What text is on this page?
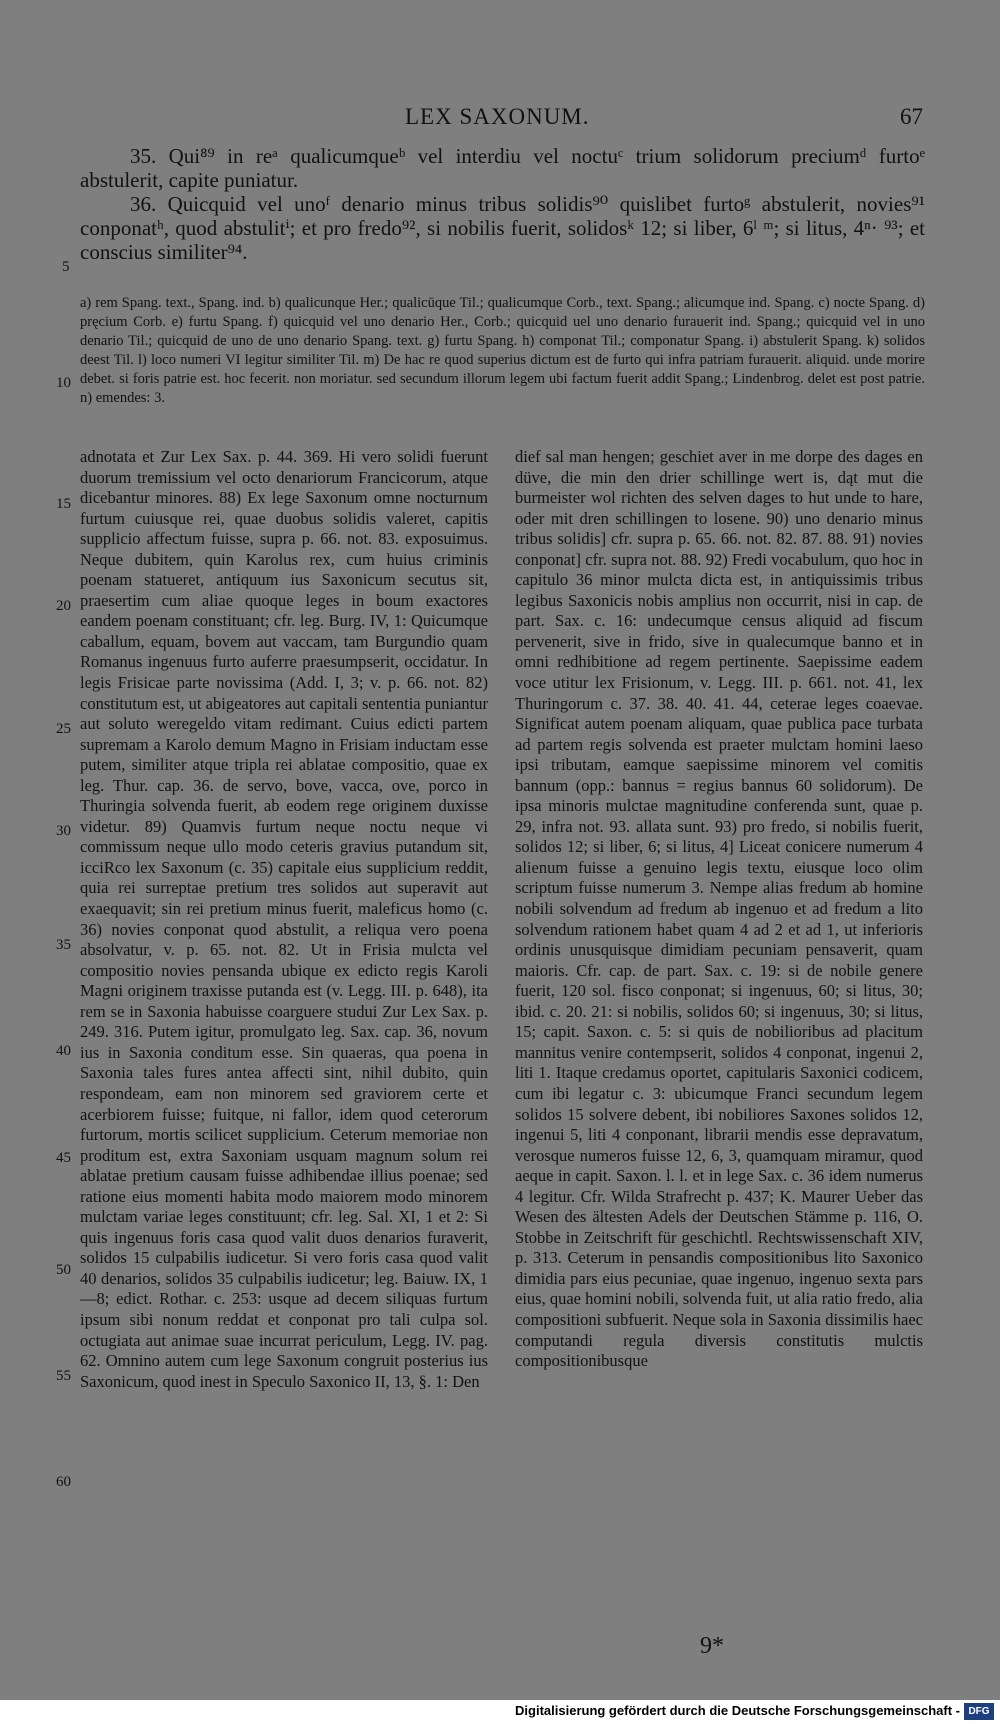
LEX SAXONUM.	67

35. Qui⁸⁹ in reᵃ qualicumqueᵇ vel interdiu vel noctuᶜ trium solidorum preciumᵈ furtoᵉ abstulerit, capite puniatur.

36. Quicquid vel unoᶠ denario minus tribus solidis⁹⁰ quislibet furtoᵍ abstulerit, novies⁹¹ conponatʰ, quod abstulitⁱ; et pro fredo⁹², si nobilis fuerit, solidosᵏ 12; si liber, 6ˡ ᵐ; si litus, 4ⁿ· ⁹³; et conscius similiter⁹⁴.

5

a) rem Spang. text., Spang. ind. b) qualicunque Her.; qualicūque Til.; qualicumque Corb., text. Spang.; alicumque ind. Spang. c) nocte Spang. d) pręcium Corb. e) furtu Spang. f) quicquid vel uno denario Her., Corb.; quicquid uel uno denario furauerit ind. Spang.; quicquid vel in uno denario Til.; quicquid de uno de uno denario Spang. text. g) furtu Spang. h) componat Til.; componatur Spang. i) abstulerit Spang. k) solidos deest Til. l) loco numeri VI legitur similiter Til. m) De hac re quod superius dictum est de furto qui infra patriam furauerit. aliquid. unde morire debet. si foris patrie est. hoc fecerit. non moriatur. sed secundum illorum legem ubi factum fuerit addit Spang.; Lindenbrog. delet est post patrie. n) emendes: 3.

10

adnotata et Zur Lex Sax. p. 44. 369. Hi vero solidi fuerunt duorum tremissium vel octo denariorum Francicorum, atque dicebantur minores. 88) Ex lege Saxonum omne nocturnum furtum cuiusque rei, quae duobus solidis valeret, capitis supplicio affectum fuisse, supra p. 66. not. 83. exposuimus. Neque dubitem, quin Karolus rex, cum huius criminis poenam statueret, antiquum ius Saxonicum secutus sit, praesertim cum aliae quoque leges in boum exactores eandem poenam constituant; cfr. leg. Burg. IV, 1: Quicumque caballum, equam, bovem aut vaccam, tam Burgundio quam Romanus ingenuus furto auferre praesumpserit, occidatur. In legis Frisicae parte novissima (Add. I, 3; v. p. 66. not. 82) constitutum est, ut abigeatores aut capitali sententia puniantur aut soluto weregeldo vitam redimant. Cuius edicti partem supremam a Karolo demum Magno in Frisiam inductam esse putem, similiter atque tripla rei ablatae compositio, quae ex leg. Thur. cap. 36. de servo, bove, vacca, ove, porco in Thuringia solvenda fuerit, ab eodem rege originem duxisse videtur. 89) Quamvis furtum neque noctu neque vi commissum neque ullo modo ceteris gravius putandum sit, icciRco lex Saxonum (c. 35) capitale eius supplicium reddit, quia rei surreptae pretium tres solidos aut superavit aut exaequavit; sin rei pretium minus fuerit, maleficus homo (c. 36) novies conponat quod abstulit, a reliqua vero poena absolvatur, v. p. 65. not. 82. Ut in Frisia mulcta vel compositio novies pensanda ubique ex edicto regis Karoli Magni originem traxisse putanda est (v. Legg. III. p. 648), ita rem se in Saxonia habuisse coarguere studui Zur Lex Sax. p. 249. 316. Putem igitur, promulgato leg. Sax. cap. 36, novum ius in Saxonia conditum esse. Sin quaeras, qua poena in Saxonia tales fures antea affecti sint, nihil dubito, quin respondeam, eam non minorem sed graviorem certe et acerbiorem fuisse; fuitque, ni fallor, idem quod ceterorum furtorum, mortis scilicet supplicium. Ceterum memoriae non proditum est, extra Saxoniam usquam magnum solum rei ablatae pretium causam fuisse adhibendae illius poenae; sed ratione eius momenti habita modo maiorem modo minorem mulctam variae leges constituunt; cfr. leg. Sal. XI, 1 et 2: Si quis ingenuus foris casa quod valit duos denarios furaverit, solidos 15 culpabilis iudicetur. Si vero foris casa quod valit 40 denarios, solidos 35 culpabilis iudicetur; leg. Baiuw. IX, 1—8; edict. Rothar. c. 253: usque ad decem siliquas furtum ipsum sibi nonum reddat et conponat pro tali culpa sol. octugiata aut animae suae incurrat periculum, Legg. IV. pag. 62. Omnino autem cum lege Saxonum congruit posterius ius Saxonicum, quod inest in Speculo Saxonico II, 13, §. 1: Den

dief sal man hengen; geschiet aver in me dorpe des dages en düve, die min den drier schillinge wert is, dąt mut die burmeister wol richten des selven dages to hut unde to hare, oder mit dren schillingen to losene. 90) uno denario minus tribus solidis] cfr. supra p. 65. 66. not. 82. 87. 88. 91) novies conponat] cfr. supra not. 88. 92) Fredi vocabulum, quo hoc in capitulo 36 minor mulcta dicta est, in antiquissimis tribus legibus Saxonicis nobis amplius non occurrit, nisi in cap. de part. Sax. c. 16: undecumque census aliquid ad fiscum pervenerit, sive in frido, sive in qualecumque banno et in omni redhibitione ad regem pertinente. Saepissime eadem voce utitur lex Frisionum, v. Legg. III. p. 661. not. 41, lex Thuringorum c. 37. 38. 40. 41. 44, ceterae leges coaevae. Significat autem poenam aliquam, quae publica pace turbata ad partem regis solvenda est praeter mulctam homini laeso ipsi tributam, eamque saepissime minorem vel comitis bannum (opp.: bannus = regius bannus 60 solidorum). De ipsa minoris mulctae magnitudine conferenda sunt, quae p. 29, infra not. 93. allata sunt. 93) pro fredo, si nobilis fuerit, solidos 12; si liber, 6; si litus, 4] Liceat conicere numerum 4 alienum fuisse a genuino legis textu, eiusque loco olim scriptum fuisse numerum 3. Nempe alias fredum ab homine nobili solvendum ad fredum ab ingenuo et ad fredum a lito solvendum rationem habet quam 4 ad 2 et ad 1, ut inferioris ordinis unusquisque dimidiam pecuniam pensaverit, quam maioris. Cfr. cap. de part. Sax. c. 19: si de nobile genere fuerit, 120 sol. fisco conponat; si ingenuus, 60; si litus, 30; ibid. c. 20. 21: si nobilis, solidos 60; si ingenuus, 30; si litus, 15; capit. Saxon. c. 5: si quis de nobilioribus ad placitum mannitus venire contempserit, solidos 4 conponat, ingenui 2, liti 1. Itaque credamus oportet, capitularis Saxonici codicem, cum ibi legatur c. 3: ubicumque Franci secundum legem solidos 15 solvere debent, ibi nobiliores Saxones solidos 12, ingenui 5, liti 4 conponant, librarii mendis esse depravatum, verosque numeros fuisse 12, 6, 3, quamquam miramur, quod aeque in capit. Saxon. l. l. et in lege Sax. c. 36 idem numerus 4 legitur. Cfr. Wilda Strafrecht p. 437; K. Maurer Ueber das Wesen des ältesten Adels der Deutschen Stämme p. 116, O. Stobbe in Zeitschrift für geschichtl. Rechtswissenschaft XIV, p. 313. Ceterum in pensandis compositionibus lito Saxonico dimidia pars eius pecuniae, quae ingenuo, ingenuo sexta pars eius, quae homini nobili, solvenda fuit, ut alia ratio fredo, alia compositioni subfuerit. Neque sola in Saxonia dissimilis haec computandi regula diversis constitutis mulctis compositionibusque

15
20
25
30
35
40
45
50
55
60
9*
Digitalisierung gefördert durch die Deutsche Forschungsgemeinschaft - DFG
